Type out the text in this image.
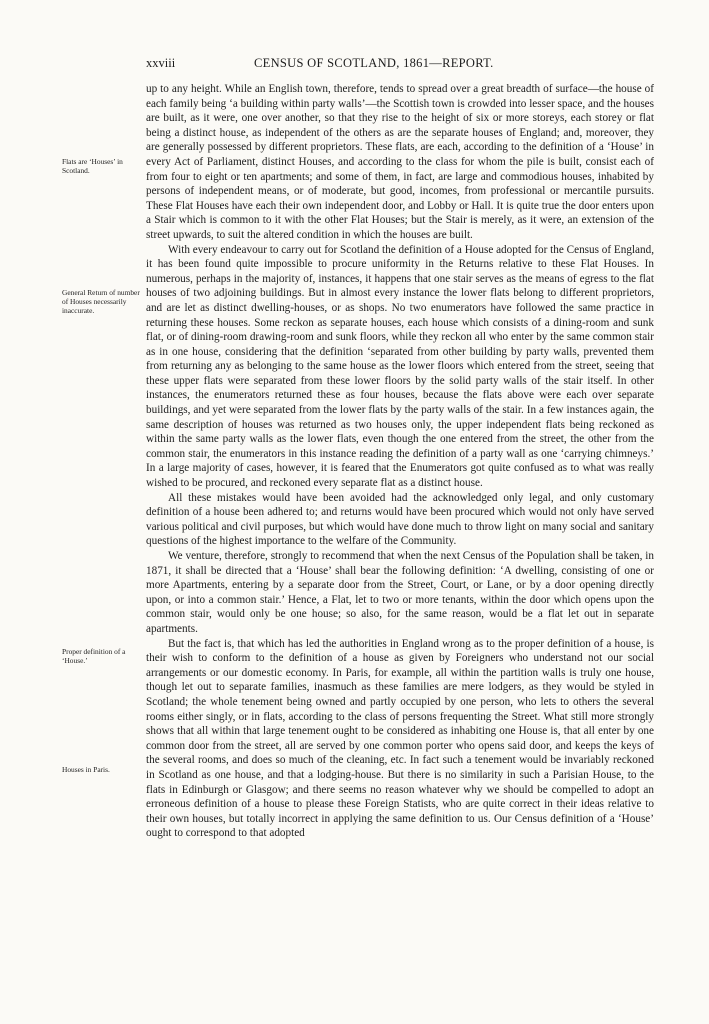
xxviii	CENSUS OF SCOTLAND, 1861—REPORT.
Flats are ‘Houses’ in Scotland.
General Return of number of Houses necessarily inaccurate.
Proper definition of a ‘House.’
Houses in Paris.

up to any height. While an English town, therefore, tends to spread over a great breadth of surface—the house of each family being ‘a building within party walls’—the Scottish town is crowded into lesser space, and the houses are built, as it were, one over another, so that they rise to the height of six or more storeys, each storey or flat being a distinct house, as independent of the others as are the separate houses of England; and, moreover, they are generally possessed by different proprietors. These flats, are each, according to the definition of a ‘House’ in every Act of Parliament, distinct Houses, and according to the class for whom the pile is built, consist each of from four to eight or ten apartments; and some of them, in fact, are large and commodious houses, inhabited by persons of independent means, or of moderate, but good, incomes, from professional or mercantile pursuits. These Flat Houses have each their own independent door, and Lobby or Hall. It is quite true the door enters upon a Stair which is common to it with the other Flat Houses; but the Stair is merely, as it were, an extension of the street upwards, to suit the altered condition in which the houses are built.

With every endeavour to carry out for Scotland the definition of a House adopted for the Census of England, it has been found quite impossible to procure uniformity in the Returns relative to these Flat Houses. In numerous, perhaps in the majority of, instances, it happens that one stair serves as the means of egress to the flat houses of two adjoining buildings. But in almost every instance the lower flats belong to different proprietors, and are let as distinct dwelling-houses, or as shops. No two enumerators have followed the same practice in returning these houses. Some reckon as separate houses, each house which consists of a dining-room and sunk flat, or of dining-room drawing-room and sunk floors, while they reckon all who enter by the same common stair as in one house, considering that the definition ‘separated from other building by party walls, prevented them from returning any as belonging to the same house as the lower floors which entered from the street, seeing that these upper flats were separated from these lower floors by the solid party walls of the stair itself. In other instances, the enumerators returned these as four houses, because the flats above were each over separate buildings, and yet were separated from the lower flats by the party walls of the stair. In a few instances again, the same description of houses was returned as two houses only, the upper independent flats being reckoned as within the same party walls as the lower flats, even though the one entered from the street, the other from the common stair, the enumerators in this instance reading the definition of a party wall as one ‘carrying chimneys.’ In a large majority of cases, however, it is feared that the Enumerators got quite confused as to what was really wished to be procured, and reckoned every separate flat as a distinct house.

All these mistakes would have been avoided had the acknowledged only legal, and only customary definition of a house been adhered to; and returns would have been procured which would not only have served various political and civil purposes, but which would have done much to throw light on many social and sanitary questions of the highest importance to the welfare of the Community.

We venture, therefore, strongly to recommend that when the next Census of the Population shall be taken, in 1871, it shall be directed that a ‘House’ shall bear the following definition: ‘A dwelling, consisting of one or more Apartments, entering by a separate door from the Street, Court, or Lane, or by a door opening directly upon, or into a common stair.’ Hence, a Flat, let to two or more tenants, within the door which opens upon the common stair, would only be one house; so also, for the same reason, would be a flat let out in separate apartments.

But the fact is, that which has led the authorities in England wrong as to the proper definition of a house, is their wish to conform to the definition of a house as given by Foreigners who understand not our social arrangements or our domestic economy. In Paris, for example, all within the partition walls is truly one house, though let out to separate families, inasmuch as these families are mere lodgers, as they would be styled in Scotland; the whole tenement being owned and partly occupied by one person, who lets to others the several rooms either singly, or in flats, according to the class of persons frequenting the Street. What still more strongly shows that all within that large tenement ought to be considered as inhabiting one House is, that all enter by one common door from the street, all are served by one common porter who opens said door, and keeps the keys of the several rooms, and does so much of the cleaning, etc. In fact such a tenement would be invariably reckoned in Scotland as one house, and that a lodging-house. But there is no similarity in such a Parisian House, to the flats in Edinburgh or Glasgow; and there seems no reason whatever why we should be compelled to adopt an erroneous definition of a house to please these Foreign Statists, who are quite correct in their ideas relative to their own houses, but totally incorrect in applying the same definition to us. Our Census definition of a ‘House’ ought to correspond to that adopted
